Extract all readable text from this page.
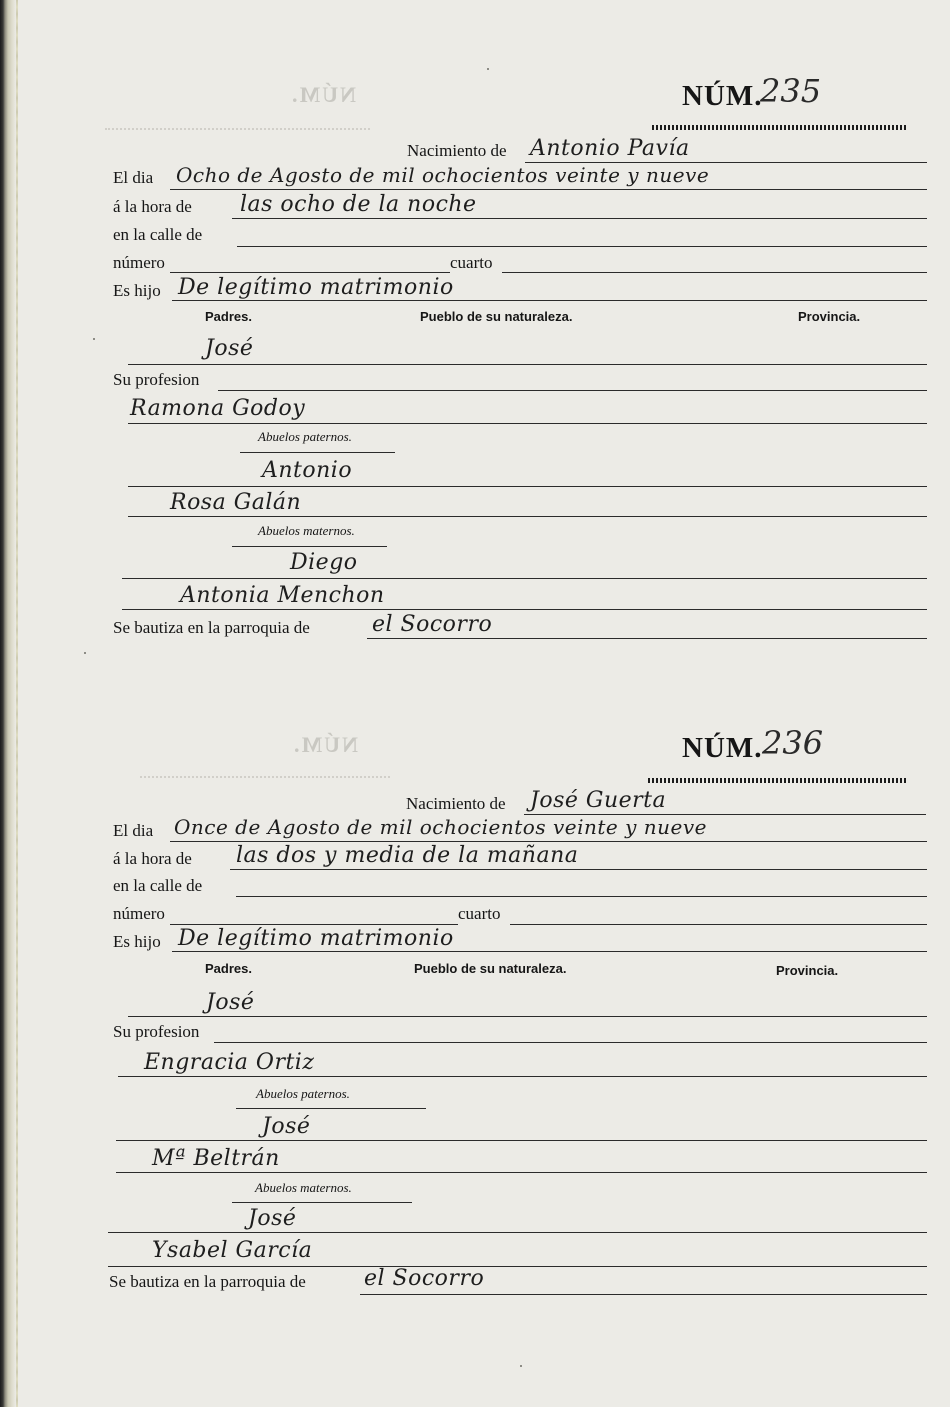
NÚM.
NÚM.
NÚM.
235
Nacimiento de Antonio Pavía
El dia Ocho de Agosto de mil ochocientos veinte y nueve
á la hora de las ocho de la noche
en la calle de
número	cuarto
Es hijo De legítimo matrimonio
Padres.	Pueblo de su naturaleza.	Provincia.
José
Su profesion
Ramona Godoy
Abuelos paternos.
Antonio
Rosa Galán
Abuelos maternos.
Diego
Antonia Menchon
Se bautiza en la parroquia de	el Socorro
NÚM. 236
Nacimiento de José Guerta
El dia Once de Agosto de mil ochocientos veinte y nueve
á la hora de las dos y media de la mañana
en la calle de
número	cuarto
Es hijo De legítimo matrimonio
Padres.	Pueblo de su naturaleza.	Provincia.
José
Su profesion
Engracia Ortiz
Abuelos paternos.
José
Mª Beltrán
Abuelos maternos.
José
Ysabel García
Se bautiza en la parroquia de	el Socorro
